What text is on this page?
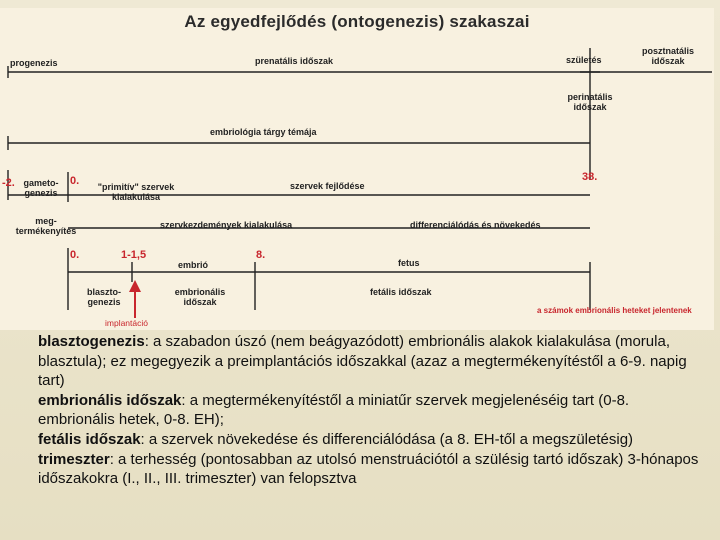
Az egyedfejlődés (ontogenezis) szakaszai
progenezis	prenatális időszak	születés
posztnatális
időszak
perinatális
időszak
embriológia tárgy témája
-2. gameto-
genezis
0.	"primitív" szervek
kialakulása
szervek fejlődése
38.
meg-
termékenyítés
szervkezdemények kialakulása	differenciálódás és növekedés
0.	1-1,5	8.
embrió	fetus
blasztо-
genezis
embrionális
időszak
fetális időszak
a számok embrionális heteket jelentenek
implantáció

blasztogenezis: a szabadon úszó (nem beágyazódott) embrionális alakok kialakulása (morula, blasztula); ez megegyezik a preimplantációs időszakkal (azaz a megtermékenyítéstől a 6-9. napig tart)

embrionális időszak: a megtermékenyítéstől a miniatűr szervek megjelenéséig tart (0-8. embrionális hetek, 0-8. EH);

fetális időszak: a szervek növekedése és differenciálódása (a 8. EH-től a megszületésig)

trimeszter: a terhesség (pontosabban az utolsó menstruációtól a szülésig tartó időszak) 3-hónapos időszakokra (I., II., III. trimeszter) van felopsztva
